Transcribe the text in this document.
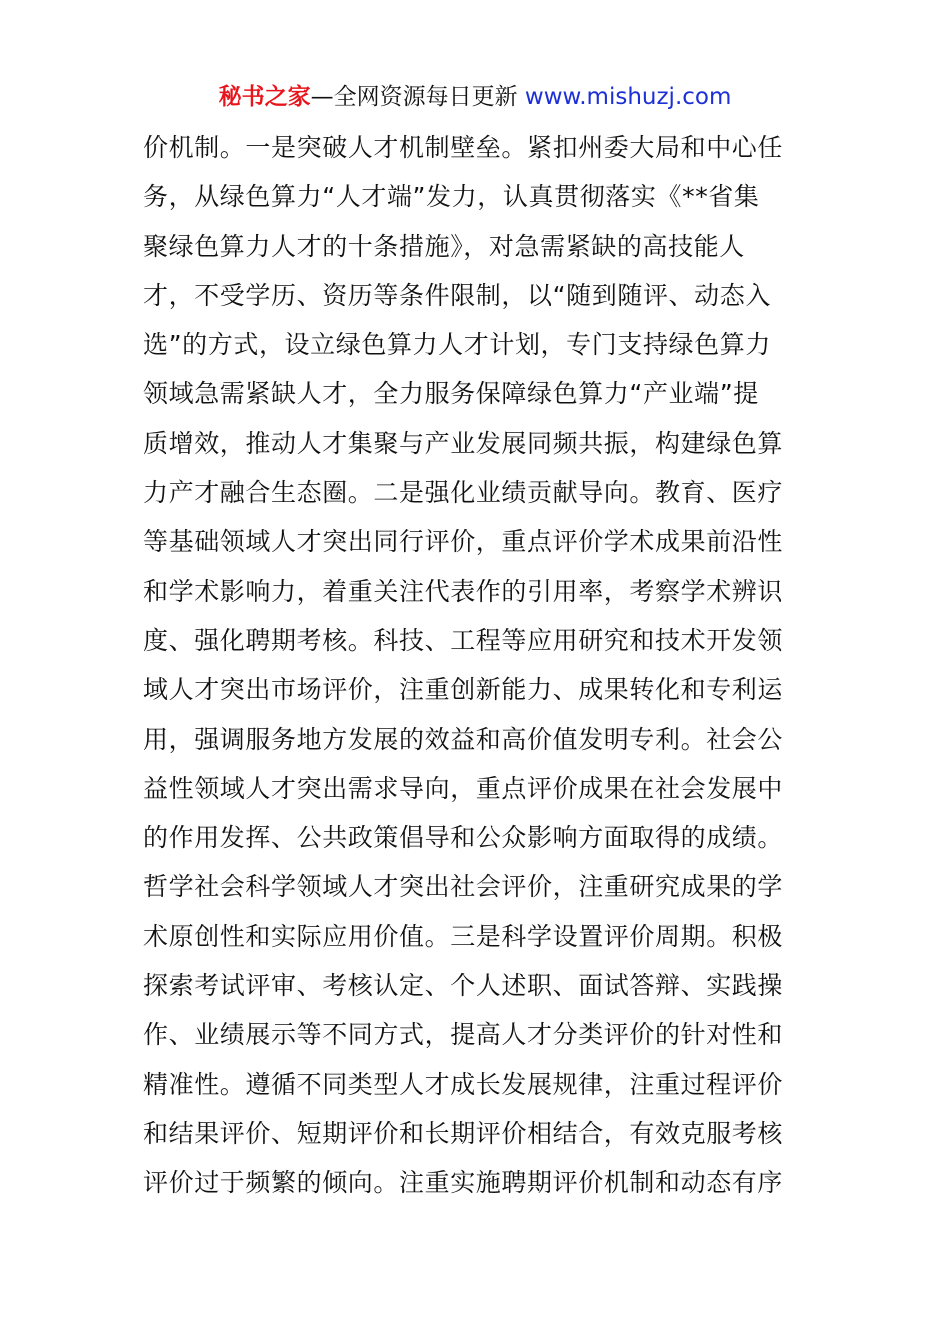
秘书之家—全网资源每日更新 www.mishuzj.com
价机制。一是突破人才机制壁垒。紧扣州委大局和中心任
务，从绿色算力“人才端”发力，认真贯彻落实《**省集
聚绿色算力人才的十条措施》，对急需紧缺的高技能人
才，不受学历、资历等条件限制，以“随到随评、动态入
选”的方式，设立绿色算力人才计划，专门支持绿色算力
领域急需紧缺人才，全力服务保障绿色算力“产业端”提
质增效，推动人才集聚与产业发展同频共振，构建绿色算
力产才融合生态圈。二是强化业绩贡献导向。教育、医疗
等基础领域人才突出同行评价，重点评价学术成果前沿性
和学术影响力，着重关注代表作的引用率，考察学术辨识
度、强化聘期考核。科技、工程等应用研究和技术开发领
域人才突出市场评价，注重创新能力、成果转化和专利运
用，强调服务地方发展的效益和高价值发明专利。社会公
益性领域人才突出需求导向，重点评价成果在社会发展中
的作用发挥、公共政策倡导和公众影响方面取得的成绩。
哲学社会科学领域人才突出社会评价，注重研究成果的学
术原创性和实际应用价值。三是科学设置评价周期。积极
探索考试评审、考核认定、个人述职、面试答辩、实践操
作、业绩展示等不同方式，提高人才分类评价的针对性和
精准性。遵循不同类型人才成长发展规律，注重过程评价
和结果评价、短期评价和长期评价相结合，有效克服考核
评价过于频繁的倾向。注重实施聘期评价机制和动态有序
